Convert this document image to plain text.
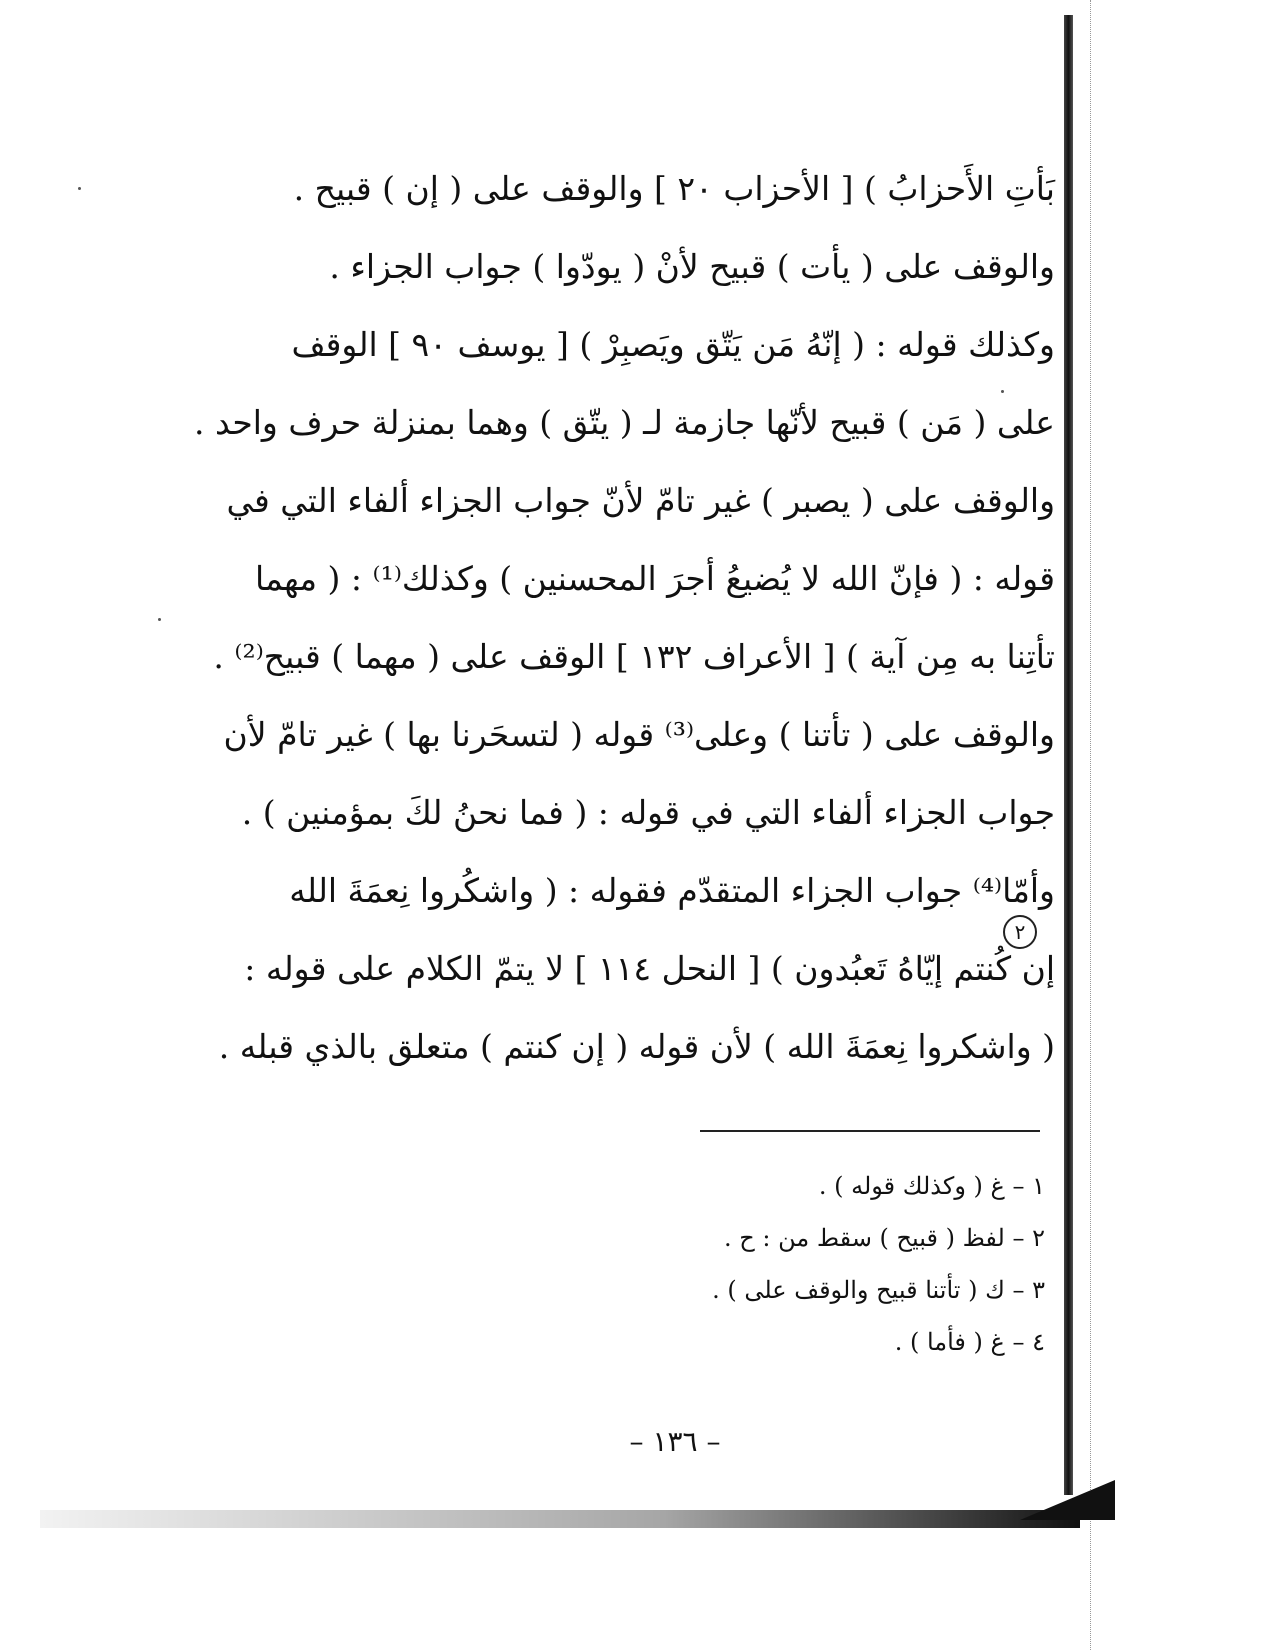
بَأتِ الأَحزابُ ) [ الأحزاب ٢٠ ] والوقف على ( إن ) قبيح .
والوقف على ( يأت ) قبيح لأنْ ( يودّوا ) جواب الجزاء .
وكذلك قوله : ( إنّهُ مَن يَتّق ويَصبِرْ ) [ يوسف ٩٠ ] الوقف
على ( مَن ) قبيح لأنّها جازمة لـ ( يتّق ) وهما بمنزلة حرف واحد .
والوقف على ( يصبر ) غير تامّ لأنّ جواب الجزاء ألفاء التي في
قوله : ( فإنّ الله لا يُضيعُ أجرَ المحسنين ) وكذلك⁽¹⁾ : ( مهما
تأتِنا به مِن آية ) [ الأعراف ١٣٢ ] الوقف على ( مهما ) قبيح⁽²⁾ .
والوقف على ( تأتنا ) وعلى⁽³⁾ قوله ( لتسحَرنا بها ) غير تامّ لأن
جواب الجزاء ألفاء التي في قوله : ( فما نحنُ لكَ بمؤمنين ) .
وأمّا⁽⁴⁾ جواب الجزاء المتقدّم فقوله : ( واشكُروا نِعمَةَ الله
إن كُنتم إيّاهُ تَعبُدون ) [ النحل ١١٤ ] لا يتمّ الكلام على قوله :
( واشكروا نِعمَةَ الله ) لأن قوله ( إن كنتم ) متعلق بالذي قبله .
٢
١ – غ ( وكذلك قوله ) .
٢ – لفظ ( قبيح ) سقط من : ح .
٣ – ك ( تأتنا قبيح والوقف على ) .
٤ – غ ( فأما ) .
– ١٣٦ –
